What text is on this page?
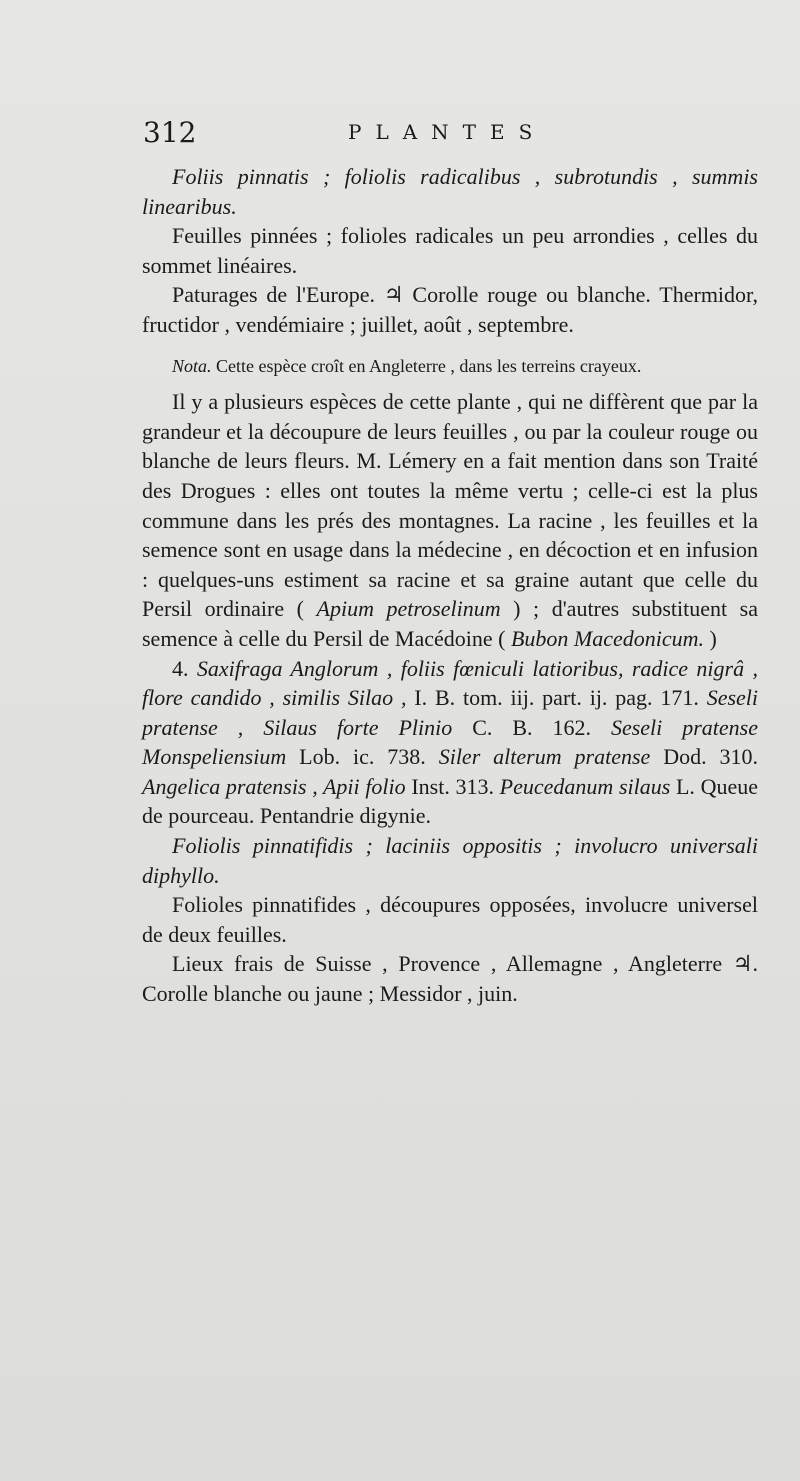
312	PLANTES

Foliis pinnatis ; foliolis radicalibus , subrotundis , summis linearibus.

Feuilles pinnées ; folioles radicales un peu arrondies , celles du sommet linéaires.

Paturages de l'Europe. ♃ Corolle rouge ou blanche. Thermidor, fructidor , vendémiaire ; juillet, août , septembre.

Nota. Cette espèce croît en Angleterre , dans les terreins crayeux.

Il y a plusieurs espèces de cette plante , qui ne diffèrent que par la grandeur et la découpure de leurs feuilles , ou par la couleur rouge ou blanche de leurs fleurs. M. Lémery en a fait mention dans son Traité des Drogues : elles ont toutes la même vertu ; celle-ci est la plus commune dans les prés des montagnes. La racine , les feuilles et la semence sont en usage dans la médecine , en décoction et en infusion : quelques-uns estiment sa racine et sa graine autant que celle du Persil ordinaire ( Apium petroselinum ) ; d'autres substituent sa semence à celle du Persil de Macédoine ( Bubon Macedonicum. )

4. Saxifraga Anglorum , foliis fœniculi latioribus, radice nigrâ , flore candido , similis Silao , I. B. tom. iij. part. ij. pag. 171. Seseli pratense , Silaus forte Plinio C. B. 162. Seseli pratense Monspeliensium Lob. ic. 738. Siler alterum pratense Dod. 310. Angelica pratensis , Apii folio Inst. 313. Peucedanum silaus L. Queue de pourceau. Pentandrie digynie.

Foliolis pinnatifidis ; laciniis oppositis ; involucro universali diphyllo.

Folioles pinnatifides , découpures opposées, involucre universel de deux feuilles.

Lieux frais de Suisse , Provence , Allemagne , Angleterre ♃. Corolle blanche ou jaune ; Messidor , juin.
